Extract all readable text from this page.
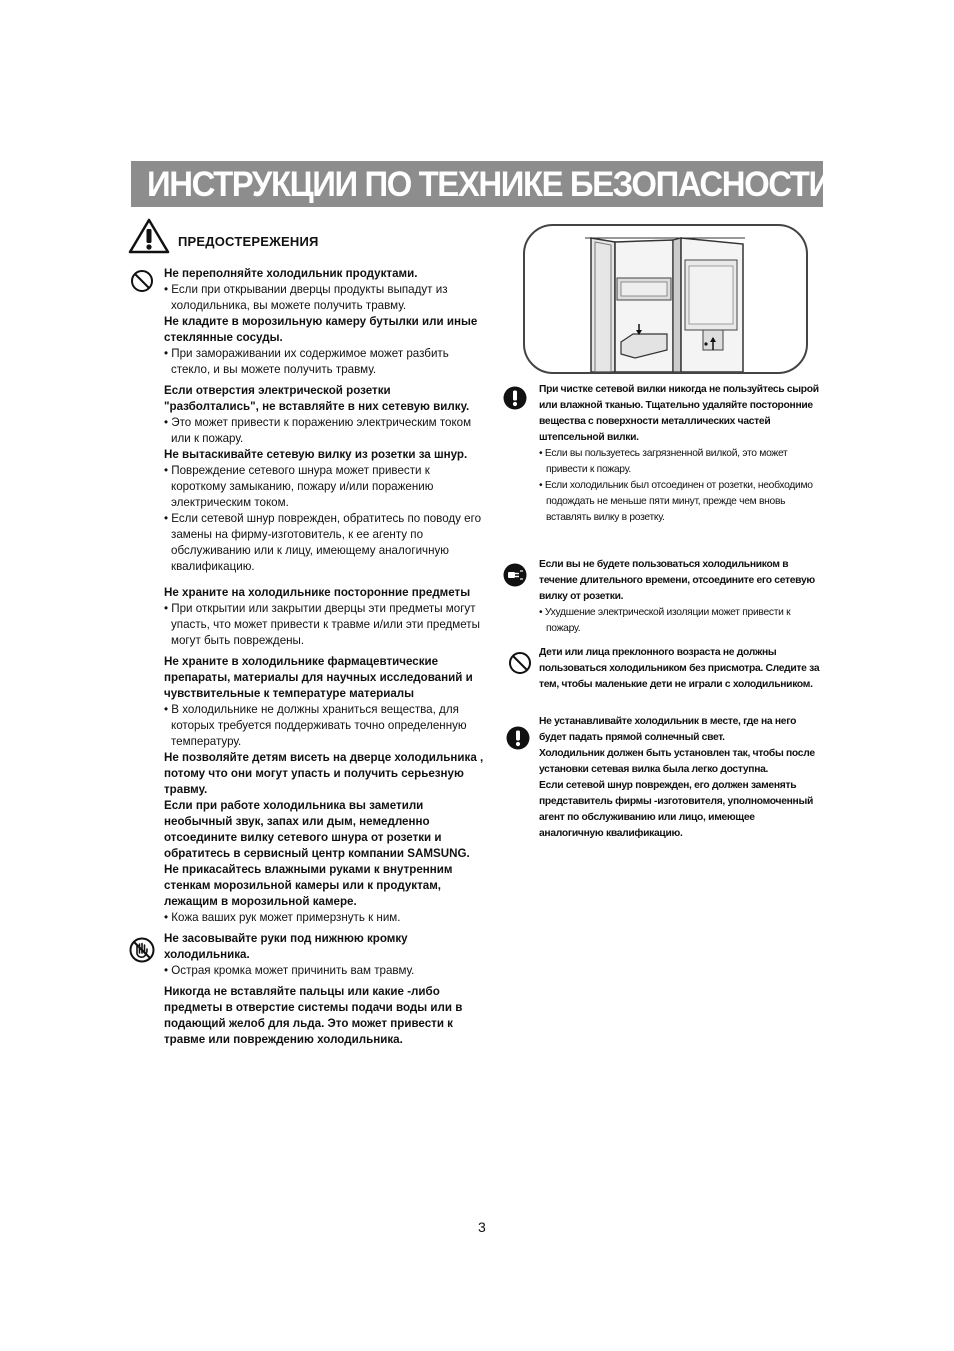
ИНСТРУКЦИИ ПО ТЕХНИКЕ БЕЗОПАСНОСТИ
ПРЕДОСТЕРЕЖЕНИЯ

Не переполняйте холодильник продуктами.

• Если при открывании дверцы продукты выпадут из холодильника, вы можете получить травму.

Не кладите в морозильную камеру бутылки или иные стеклянные сосуды.

• При замораживании их содержимое может разбить стекло, и вы можете получить травму.

Если отверстия электрической розетки "разболтались", не вставляйте в них сетевую вилку.

• Это может привести к поражению электрическим током или к пожару.

Не вытаскивайте сетевую вилку из розетки за шнур.

• Повреждение сетевого шнура может привести к короткому замыканию, пожару и/или поражению электрическим током.

• Если сетевой шнур поврежден, обратитесь по поводу его замены на фирму-изготовитель, к ее агенту по обслуживанию или к лицу, имеющему аналогичную квалификацию.

Не храните на холодильнике посторонние предметы

• При открытии или закрытии дверцы эти предметы могут упасть, что может привести к травме и/или эти предметы могут быть повреждены.

Не храните в холодильнике фармацевтические препараты, материалы для научных исследований и чувствительные к температуре материалы

• В холодильнике не должны храниться вещества, для которых требуется поддерживать точно определенную температуру.

Не позволяйте детям висеть на дверце холодильника , потому что они могут упасть и получить серьезную травму.

Если при работе холодильника вы заметили необычный звук, запах или дым, немедленно отсоедините вилку сетевого шнура от розетки и обратитесь в сервисный центр компании SAMSUNG.

Не прикасайтесь влажными руками к внутренним стенкам морозильной камеры или к продуктам, лежащим в морозильной камере.

• Кожа ваших рук может примерзнуть к ним.

Не засовывайте руки под нижнюю кромку холодильника.

• Острая кромка может причинить вам травму.

Никогда не вставляйте пальцы или какие -либо предметы в отверстие системы подачи воды или в подающий желоб для льда. Это может привести к травме или повреждению холодильника.

При чистке сетевой вилки никогда не пользуйтесь сырой или влажной тканью. Тщательно удаляйте посторонние вещества с поверхности металлических частей штепсельной вилки.

• Если вы пользуетесь загрязненной вилкой, это может привести к пожару.

• Если холодильник был отсоединен от розетки, необходимо подождать не меньше пяти минут, прежде чем вновь вставлять вилку в розетку.

Если вы не будете пользоваться холодильником в течение длительного времени, отсоедините его сетевую вилку от розетки.

• Ухудшение электрической изоляции может привести к пожару.

Дети или лица преклонного возраста не должны пользоваться холодильником без присмотра. Следите за тем, чтобы маленькие дети не играли с холодильником.

Не устанавливайте холодильник в месте, где на него будет падать прямой солнечный свет.

Холодильник должен быть установлен так, чтобы после установки сетевая вилка была легко доступна.

Если сетевой шнур поврежден, его должен заменять представитель фирмы -изготовителя, уполномоченный агент по обслуживанию или лицо, имеющее аналогичную квалификацию.

3
